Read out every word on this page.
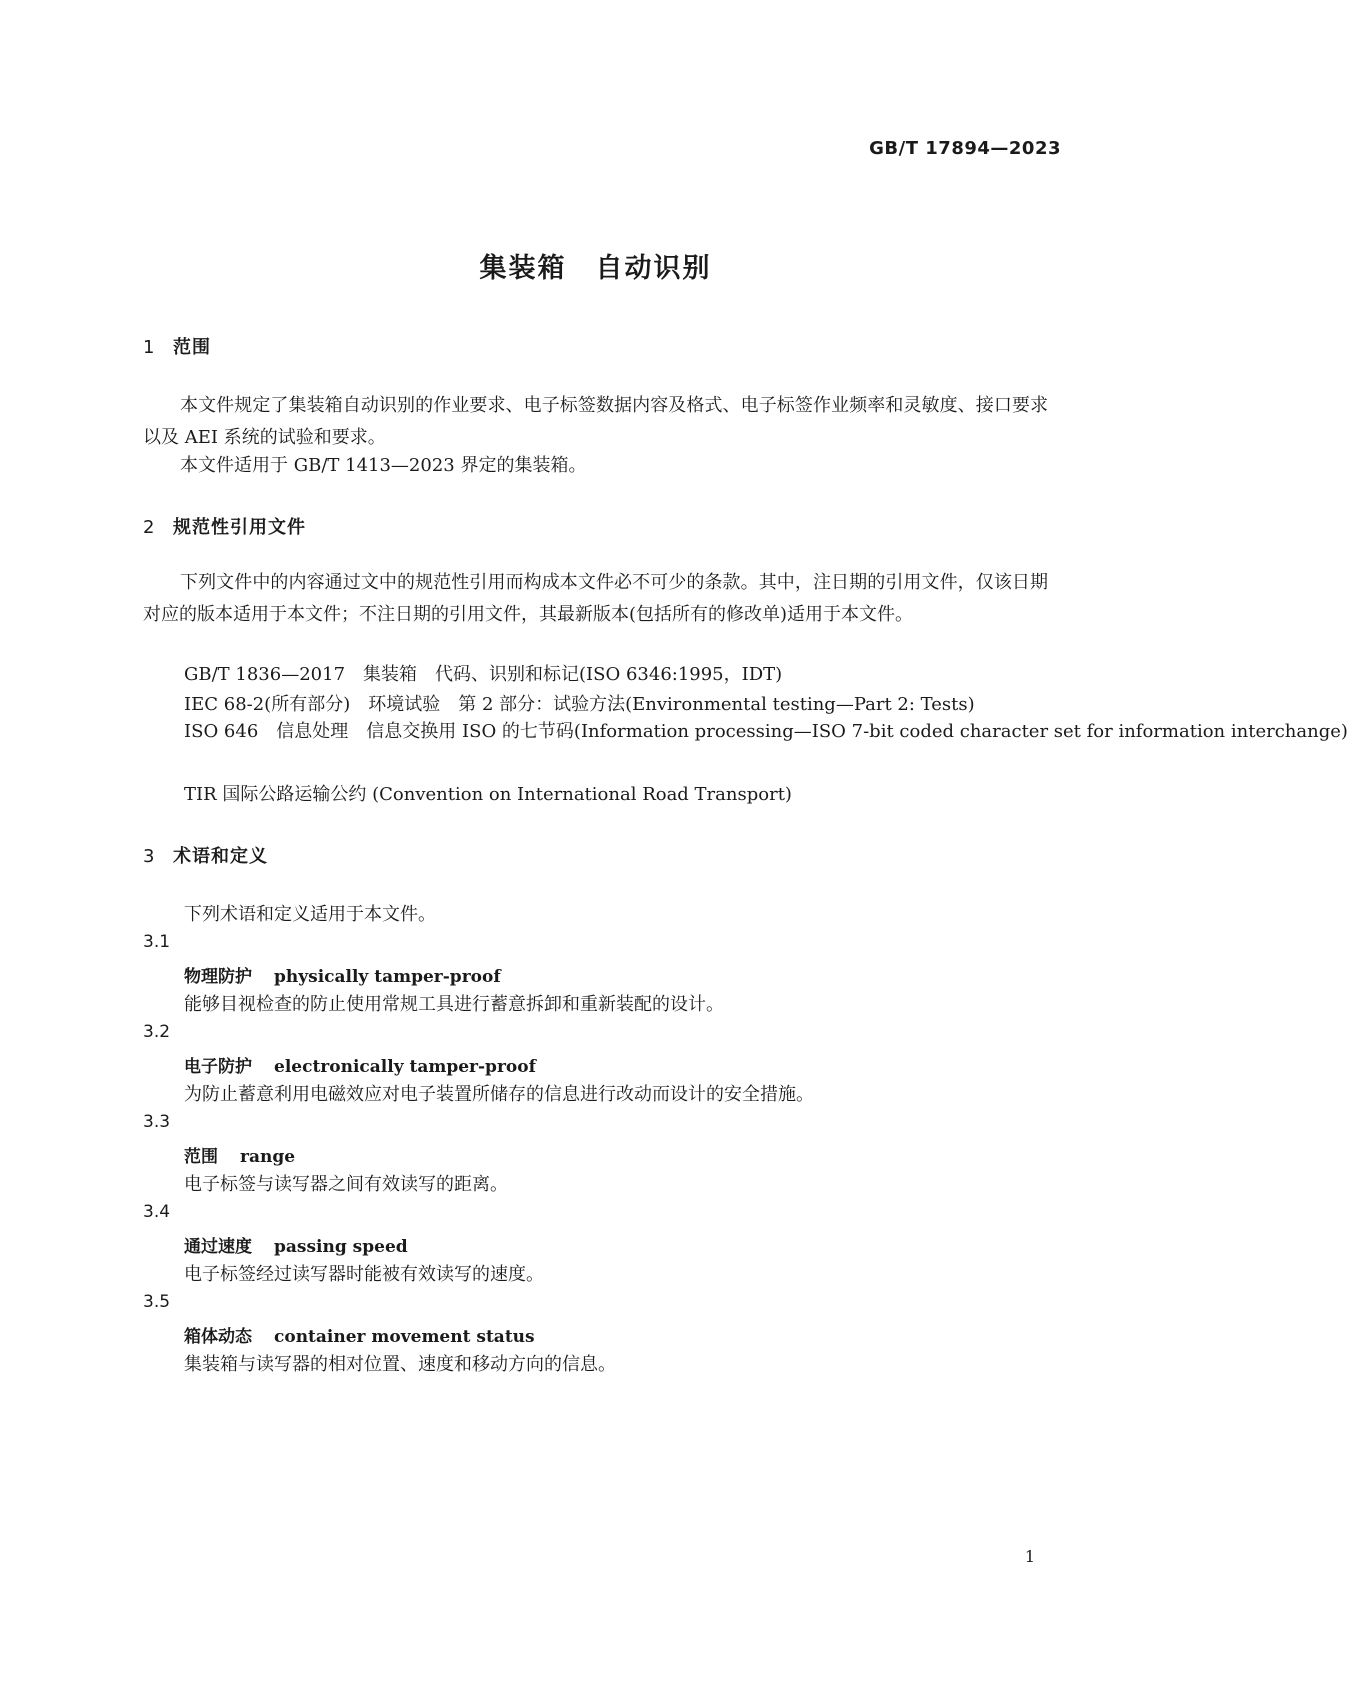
GB/T 17894—2023
集装箱　自动识别
1 范围
本文件规定了集装箱自动识别的作业要求、电子标签数据内容及格式、电子标签作业频率和灵敏度、接口要求以及 AEI 系统的试验和要求。
本文件适用于 GB/T 1413—2023 界定的集装箱。
2 规范性引用文件
下列文件中的内容通过文中的规范性引用而构成本文件必不可少的条款。其中，注日期的引用文件，仅该日期对应的版本适用于本文件；不注日期的引用文件，其最新版本(包括所有的修改单)适用于本文件。
GB/T 1836—2017　集装箱　代码、识别和标记(ISO 6346:1995，IDT)
IEC 68-2(所有部分)　环境试验　第 2 部分：试验方法(Environmental testing—Part 2: Tests)
ISO 646　信息处理　信息交换用 ISO 的七节码(Information processing—ISO 7-bit coded character set for information interchange)
TIR 国际公路运输公约 (Convention on International Road Transport)
3 术语和定义
下列术语和定义适用于本文件。
3.1
物理防护 physically tamper-proof
能够目视检查的防止使用常规工具进行蓄意拆卸和重新装配的设计。
3.2
电子防护 electronically tamper-proof
为防止蓄意利用电磁效应对电子装置所储存的信息进行改动而设计的安全措施。
3.3
范围 range
电子标签与读写器之间有效读写的距离。
3.4
通过速度 passing speed
电子标签经过读写器时能被有效读写的速度。
3.5
箱体动态 container movement status
集装箱与读写器的相对位置、速度和移动方向的信息。
1
